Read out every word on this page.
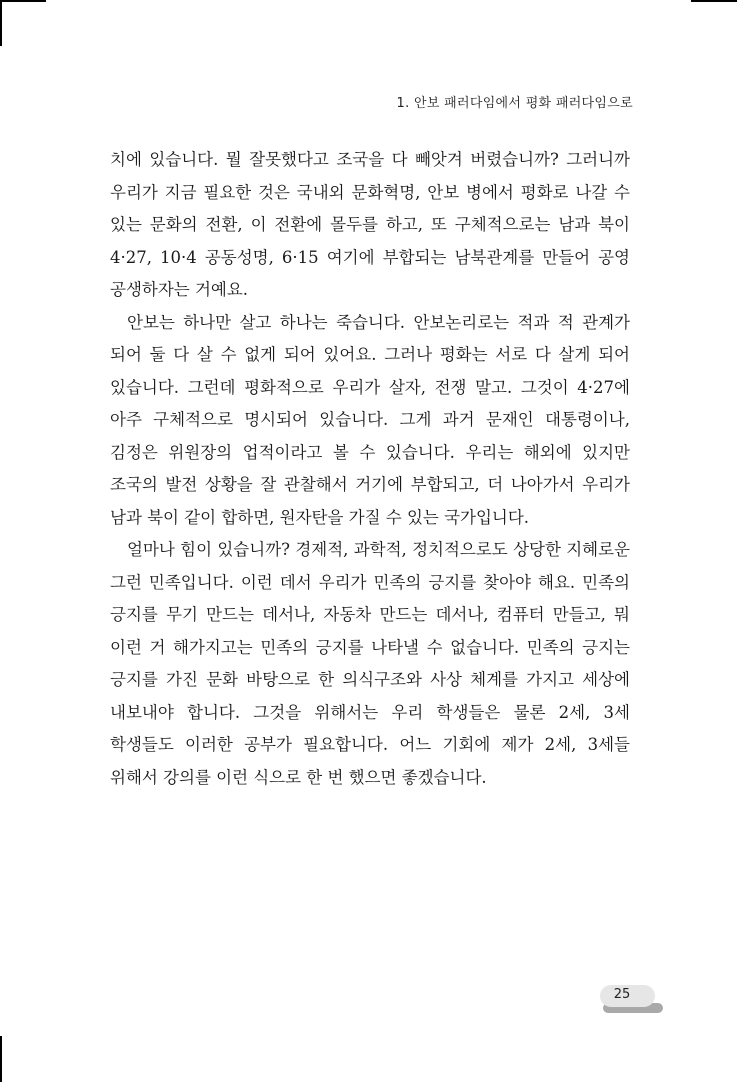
1. 안보 패러다임에서 평화 패러다임으로

치에 있습니다. 뭘 잘못했다고 조국을 다 빼앗겨 버렸습니까? 그러니까 우리가 지금 필요한 것은 국내외 문화혁명, 안보 병에서 평화로 나갈 수 있는 문화의 전환, 이 전환에 몰두를 하고, 또 구체적으로는 남과 북이 4·27, 10·4 공동성명, 6·15 여기에 부합되는 남북관계를 만들어 공영 공생하자는 거예요.

안보는 하나만 살고 하나는 죽습니다. 안보논리로는 적과 적 관계가 되어 둘 다 살 수 없게 되어 있어요. 그러나 평화는 서로 다 살게 되어 있습니다. 그런데 평화적으로 우리가 살자, 전쟁 말고. 그것이 4·27에 아주 구체적으로 명시되어 있습니다. 그게 과거 문재인 대통령이나, 김정은 위원장의 업적이라고 볼 수 있습니다. 우리는 해외에 있지만 조국의 발전 상황을 잘 관찰해서 거기에 부합되고, 더 나아가서 우리가 남과 북이 같이 합하면, 원자탄을 가질 수 있는 국가입니다.

얼마나 힘이 있습니까? 경제적, 과학적, 정치적으로도 상당한 지혜로운 그런 민족입니다. 이런 데서 우리가 민족의 긍지를 찾아야 해요. 민족의 긍지를 무기 만드는 데서나, 자동차 만드는 데서나, 컴퓨터 만들고, 뭐 이런 거 해가지고는 민족의 긍지를 나타낼 수 없습니다. 민족의 긍지는 긍지를 가진 문화 바탕으로 한 의식구조와 사상 체계를 가지고 세상에 내보내야 합니다. 그것을 위해서는 우리 학생들은 물론 2세, 3세 학생들도 이러한 공부가 필요합니다. 어느 기회에 제가 2세, 3세들 위해서 강의를 이런 식으로 한 번 했으면 좋겠습니다.

25
